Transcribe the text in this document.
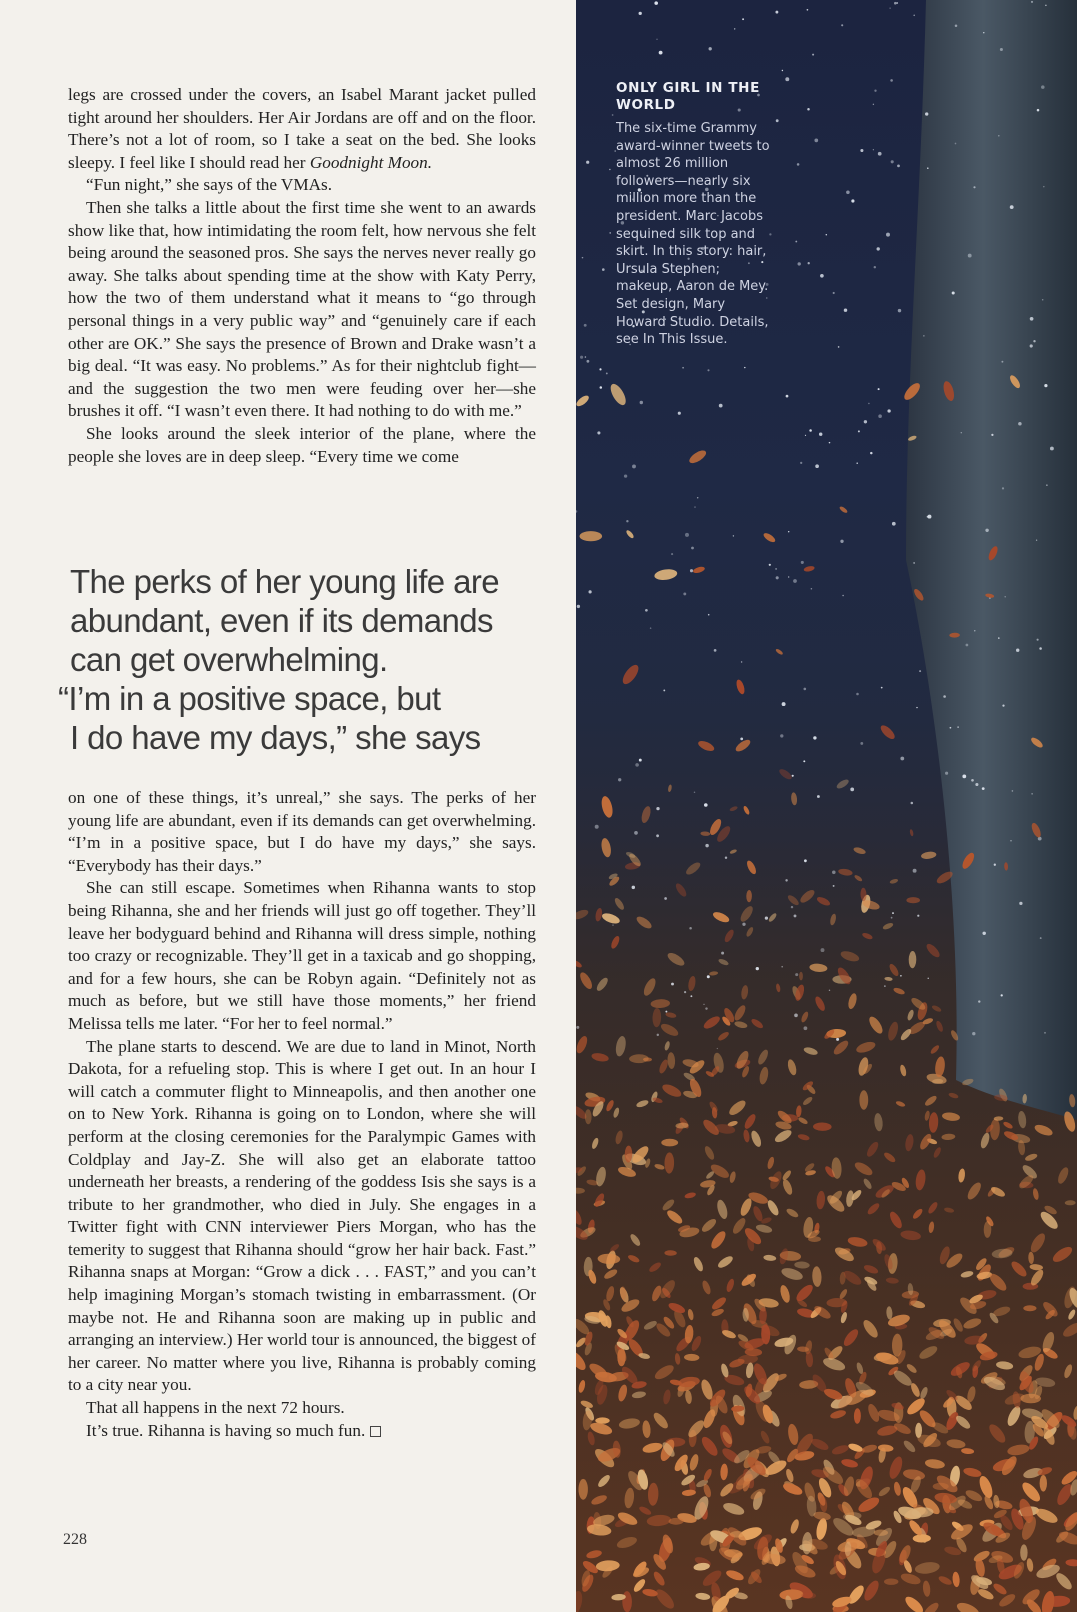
legs are crossed under the covers, an Isabel Marant jacket pulled tight around her shoulders. Her Air Jordans are off and on the floor. There’s not a lot of room, so I take a seat on the bed. She looks sleepy. I feel like I should read her Goodnight Moon.

“Fun night,” she says of the VMAs.

Then she talks a little about the first time she went to an awards show like that, how intimidating the room felt, how nervous she felt being around the seasoned pros. She says the nerves never really go away. She talks about spending time at the show with Katy Perry, how the two of them understand what it means to “go through personal things in a very public way” and “genuinely care if each other are OK.” She says the presence of Brown and Drake wasn’t a big deal. “It was easy. No problems.” As for their nightclub fight—and the suggestion the two men were feuding over her—she brushes it off. “I wasn’t even there. It had nothing to do with me.”

She looks around the sleek interior of the plane, where the people she loves are in deep sleep. “Every time we come

The perks of her young life are
abundant, even if its demands
can get overwhelming.
“I’m in a positive space, but
I do have my days,” she says

on one of these things, it’s unreal,” she says. The perks of her young life are abundant, even if its demands can get overwhelming. “I’m in a positive space, but I do have my days,” she says. “Everybody has their days.”

She can still escape. Sometimes when Rihanna wants to stop being Rihanna, she and her friends will just go off together. They’ll leave her bodyguard behind and Rihanna will dress simple, nothing too crazy or recognizable. They’ll get in a taxicab and go shopping, and for a few hours, she can be Robyn again. “Definitely not as much as before, but we still have those moments,” her friend Melissa tells me later. “For her to feel normal.”

The plane starts to descend. We are due to land in Minot, North Dakota, for a refueling stop. This is where I get out. In an hour I will catch a commuter flight to Minneapolis, and then another one on to New York. Rihanna is going on to London, where she will perform at the closing ceremonies for the Paralympic Games with Coldplay and Jay-Z. She will also get an elaborate tattoo underneath her breasts, a rendering of the goddess Isis she says is a tribute to her grandmother, who died in July. She engages in a Twitter fight with CNN interviewer Piers Morgan, who has the temerity to suggest that Rihanna should “grow her hair back. Fast.” Rihanna snaps at Morgan: “Grow a dick . . . FAST,” and you can’t help imagining Morgan’s stomach twisting in embarrassment. (Or maybe not. He and Rihanna soon are making up in public and arranging an interview.) Her world tour is announced, the biggest of her career. No matter where you live, Rihanna is probably coming to a city near you.

That all happens in the next 72 hours.

It’s true. Rihanna is having so much fun.

228

ONLY GIRL IN THE WORLD

The six-time Grammy award-winner tweets to almost 26 million followers—nearly six million more than the president. Marc Jacobs sequined silk top and skirt. In this story: hair, Ursula Stephen; makeup, Aaron de Mey. Set design, Mary Howard Studio. Details, see In This Issue.
